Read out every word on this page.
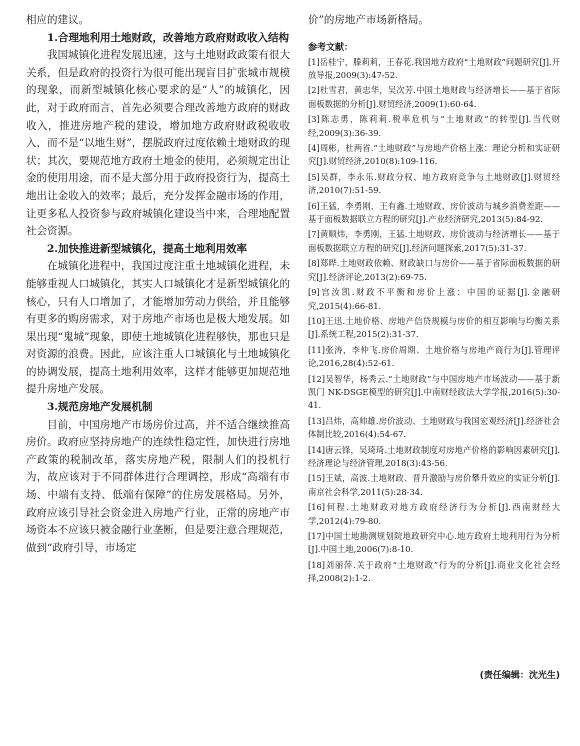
相应的建议。

1.合理地利用土地财政，改善地方政府财政收入结构

我国城镇化进程发展迅速，这与土地财政政策有很大关系，但是政府的投资行为很可能出现盲目扩张城市规模的现象，而新型城镇化核心要求的是“人”的城镇化，因此，对于政府而言，首先必须要合理改善地方政府的财政收入，推进房地产税的建设，增加地方政府财政税收收入，而不是“以地生财”，摆脱政府过度依赖土地财政的现状；其次，要规范地方政府土地金的使用，必须规定出让金的使用用途，而不是大部分用于政府投资行为，提高土地出让金收入的效率；最后，充分发挥金融市场的作用，让更多私人投资参与政府城镇化建设当中来，合理地配置社会资源。

2.加快推进新型城镇化，提高土地利用效率

在城镇化进程中，我国过度注重土地城镇化进程，未能够重视人口城镇化，其实人口城镇化才是新型城镇化的核心，只有人口增加了，才能增加劳动力供给，并且能够有更多的购房需求，对于房地产市场也是极大地发展。如果出现“鬼城”现象，即使土地城镇化进程够快，那也只是对资源的浪费。因此，应该注重人口城镇化与土地城镇化的协调发展，提高土地利用效率，这样才能够更加规范地提升房地产发展。

3.规范房地产发展机制

目前，中国房地产市场房价过高，并不适合继续推高房价。政府应坚持房地产的连续性稳定性，加快进行房地产政策的税制改革，落实房地产税，限制人们的投机行为，故应该对于不同群体进行合理调控，形成“高端有市场、中端有支持、低端有保障”的住房发展格局。另外，政府应该引导社会资金进入房地产行业，正常的房地产市场资本不应该只被金融行业垄断，但是要注意合理规范，做到“政府引导，市场定

价”的房地产市场新格局。

参考文献：
[1]岳桂宁，滕莉莉，王春花.我国地方政府“土地财政”问题研究[J].开放导报,2009(3):47-52.
[2]杜雪君，黄忠华，吴次芳.中国土地财政与经济增长——基于省际面板数据的分析[J].财贸经济,2009(1):60-64.
[3]陈志勇，陈莉莉.税率危机与“土地财政”的转型[J].当代财经,2009(3):36-39.
[4]周彬，杜两省.“土地财政”与房地产价格上涨：理论分析和实证研究[J].财贸经济,2010(8):109-116.
[5]吴群，李永乐.财政分权、地方政府竞争与土地财政[J].财贸经济,2010(7):51-59.
[6]王猛，李勇刚，王有鑫.土地财政、房价波动与城乡消费差距——基于面板数据联立方程的研究[J].产业经济研究,2013(5):84-92.
[7]黄顺炜，李勇刚，王猛.土地财政、房价波动与经济增长——基于面板数据联立方程的研究[J].经济问题探索,2017(5):31-37.
[8]郑晔.土地财政依赖、财政缺口与房价——基于省际面板数据的研究[J].经济评论,2013(2):69-75.
[9]宫汝凯.财政不平衡和房价上涨：中国的证据[J].金融研究,2015(4):66-81.
[10]王迅.土地价格、房地产信贷规模与房价的相互影响与均衡关系[J].系统工程,2015(2):31-37.
[11]张涛，李仲飞.房价周期、土地价格与房地产商行为[J].管理评论,2016,28(4):52-61.
[12]吴智华，杨秀云.“土地财政”与中国房地产市场波动——基于新凯门 NK-DSGE模型的研究[J].中南财经政法大学学报,2016(5):30-41.
[13]吕炜，高帅雄.房价波动、土地财政与我国宏观经济[J].经济社会体制比较,2016(4):54-67.
[14]唐云锋，吴琦琦.土地财政制度对房地产价格的影响因素研究[J].经济理论与经济管理,2018(3):43-56.
[15]王斌，高波.土地财政、晋升激励与房价攀升效应的实证分析[J].南京社会科学,2011(5):28-34.
[16]何程.土地财政对地方政府经济行为分析[J].西南财经大学,2012(4):79-80.
[17]中国土地勘测规划院地政研究中心.地方政府土地利用行为分析[J].中国土地,2006(7):8-10.
[18]刘丽萍.关于政府“土地财政”行为的分析[J].商业文化社会经择,2008(2):1-2.
(责任编辑：沈光生)
